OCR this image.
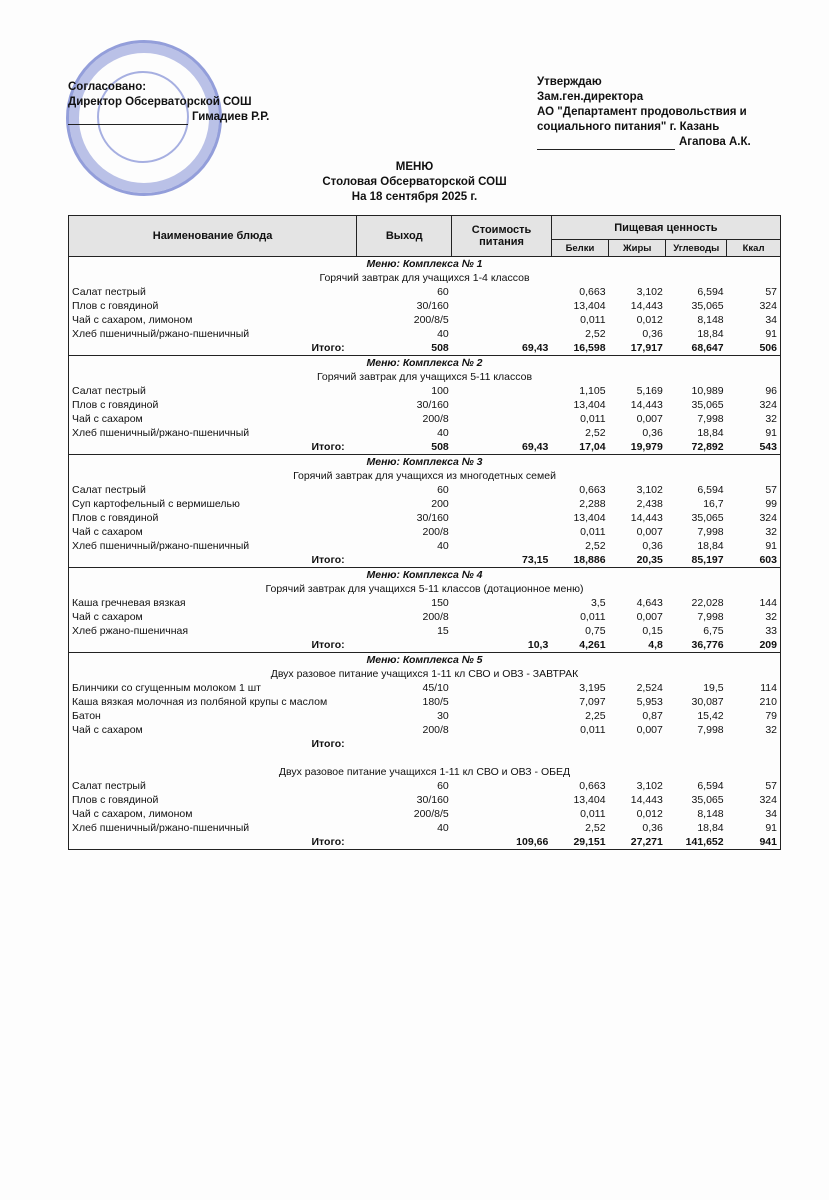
Согласовано:
Директор Обсерваторской СОШ
Гимадиев Р.Р.
Утверждаю
Зам.ген.директора
АО "Департамент продовольствия и
социального питания" г. Казань
Агапова А.К.
МЕНЮ
Столовая Обсерваторской СОШ
На 18 сентября 2025 г.
Наименование блюда	Выход	Стоимость питания	Пищевая ценность			
			Белки	Жиры	Углеводы	Ккал
Меню: Комплекса № 1						
Горячий завтрак для учащихся 1-4 классов						
Салат пестрый	60		0,663	3,102	6,594	57
Плов с говядиной	30/160		13,404	14,443	35,065	324
Чай с сахаром, лимоном	200/8/5		0,011	0,012	8,148	34
Хлеб пшеничный/ржано-пшеничный	40		2,52	0,36	18,84	91
Итого:	508	69,43	16,598	17,917	68,647	506
Меню: Комплекса № 2						
Горячий завтрак для учащихся 5-11 классов						
Салат пестрый	100		1,105	5,169	10,989	96
Плов с говядиной	30/160		13,404	14,443	35,065	324
Чай с сахаром	200/8		0,011	0,007	7,998	32
Хлеб пшеничный/ржано-пшеничный	40		2,52	0,36	18,84	91
Итого:	508	69,43	17,04	19,979	72,892	543
Меню: Комплекса № 3						
Горячий завтрак для учащихся из многодетных семей						
Салат пестрый	60		0,663	3,102	6,594	57
Суп картофельный с вермишелью	200		2,288	2,438	16,7	99
Плов с говядиной	30/160		13,404	14,443	35,065	324
Чай с сахаром	200/8		0,011	0,007	7,998	32
Хлеб пшеничный/ржано-пшеничный	40		2,52	0,36	18,84	91
Итого:		73,15	18,886	20,35	85,197	603
Меню: Комплекса № 4						
Горячий завтрак для учащихся 5-11 классов (дотационное меню)						
Каша гречневая вязкая	150		3,5	4,643	22,028	144
Чай с сахаром	200/8		0,011	0,007	7,998	32
Хлеб ржано-пшеничная	15		0,75	0,15	6,75	33
Итого:		10,3	4,261	4,8	36,776	209
Меню: Комплекса № 5						
Двух разовое питание учащихся 1-11 кл СВО и ОВЗ - ЗАВТРАК						
Блинчики со сгущенным молоком 1 шт	45/10		3,195	2,524	19,5	114
Каша вязкая молочная из полбяной крупы с маслом	180/5		7,097	5,953	30,087	210
Батон	30		2,25	0,87	15,42	79
Чай с сахаром	200/8		0,011	0,007	7,998	32
Итого:						

Двух разовое питание учащихся 1-11 кл СВО и ОВЗ - ОБЕД						
Салат пестрый	60		0,663	3,102	6,594	57
Плов с говядиной	30/160		13,404	14,443	35,065	324
Чай с сахаром, лимоном	200/8/5		0,011	0,012	8,148	34
Хлеб пшеничный/ржано-пшеничный	40		2,52	0,36	18,84	91
Итого:		109,66	29,151	27,271	141,652	941
